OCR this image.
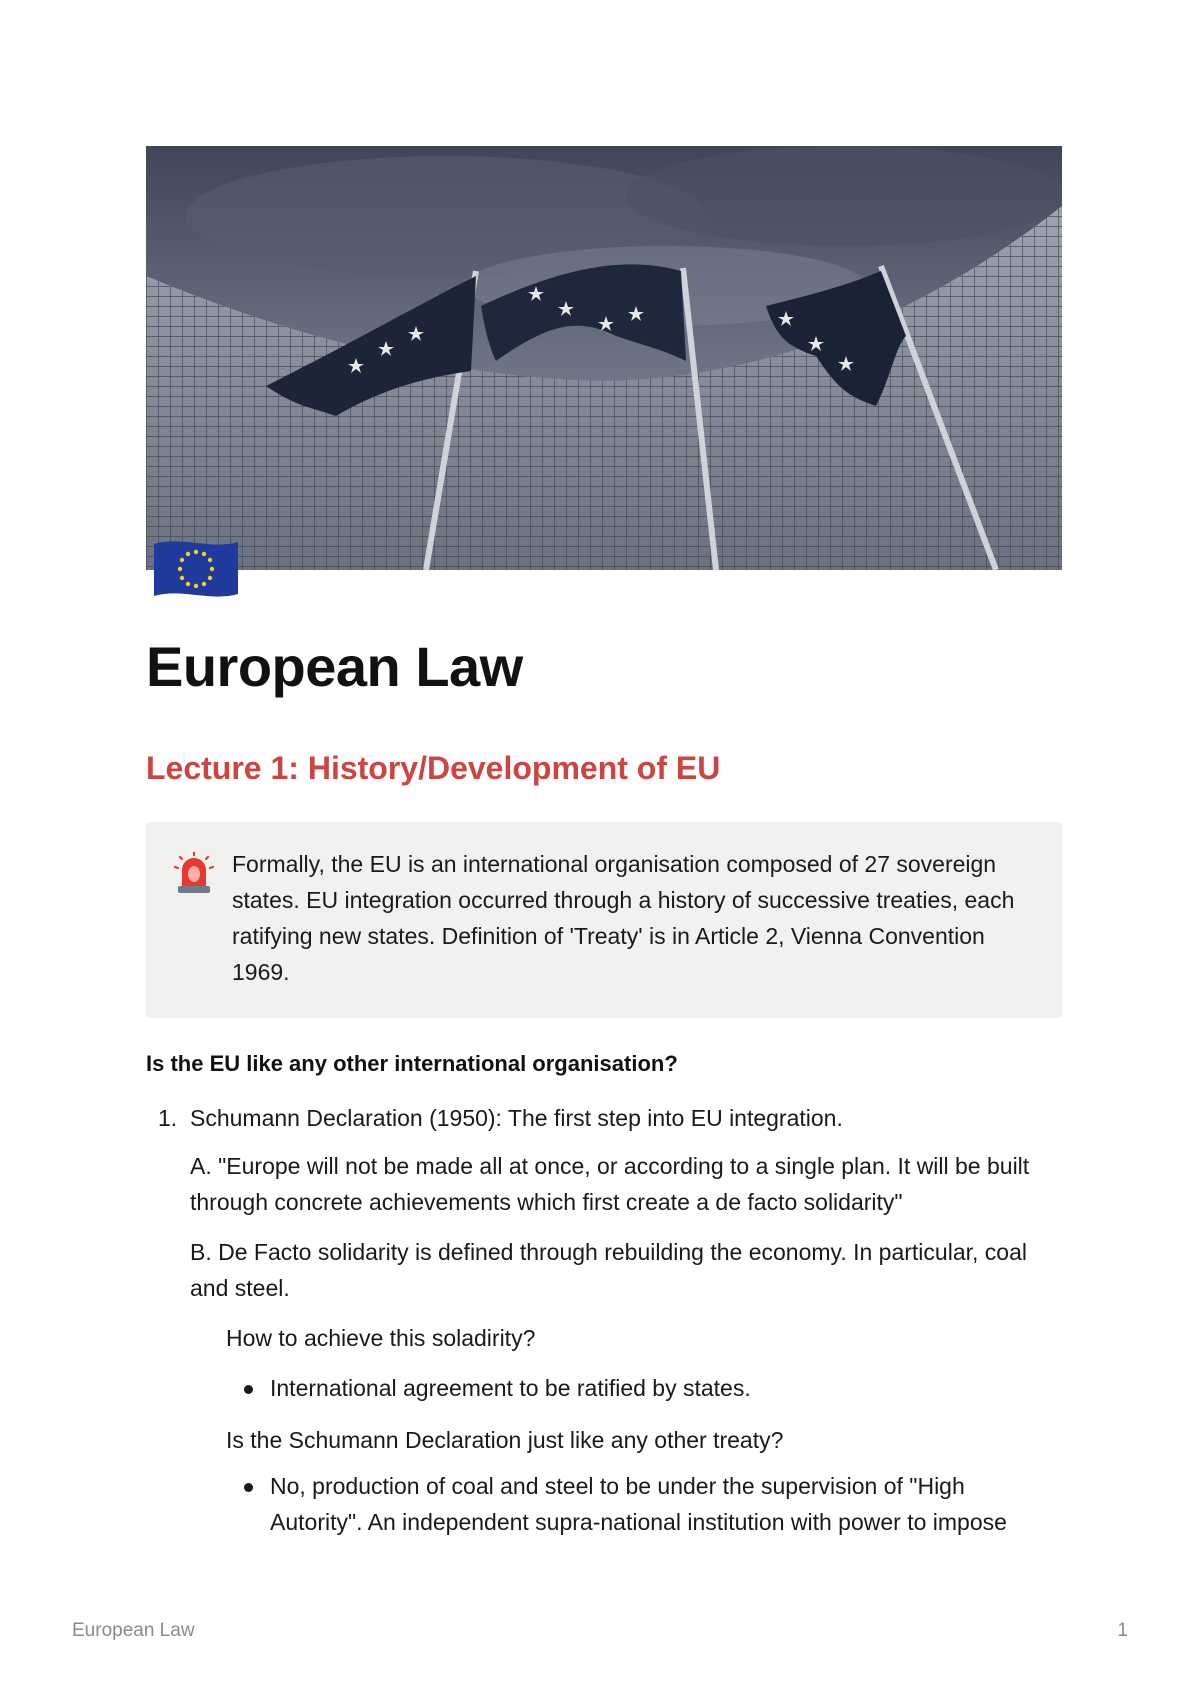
European Law
Lecture 1: History/Development of EU
Formally, the EU is an international organisation composed of 27 sovereign states. EU integration occurred through a history of successive treaties, each ratifying new states. Definition of 'Treaty' is in Article 2, Vienna Convention 1969.
Is the EU like any other international organisation?
1. Schumann Declaration (1950): The first step into EU integration.
A. "Europe will not be made all at once, or according to a single plan. It will be built through concrete achievements which first create a de facto solidarity"
B. De Facto solidarity is defined through rebuilding the economy. In particular, coal and steel.
How to achieve this soladirity?
International agreement to be ratified by states.
Is the Schumann Declaration just like any other treaty?
No, production of coal and steel to be under the supervision of "High Autority". An independent supra-national institution with power to impose
European Law	1
